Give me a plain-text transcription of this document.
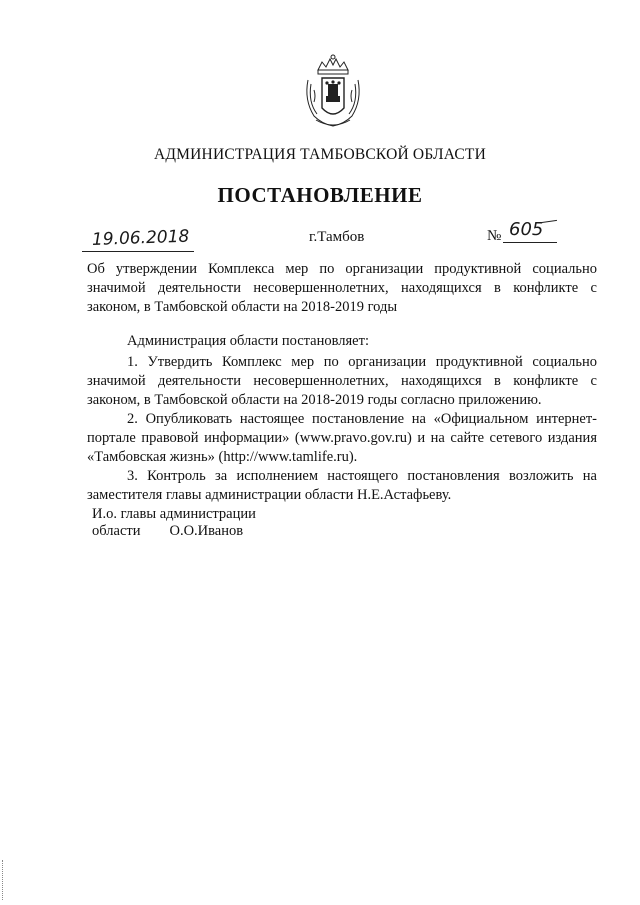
АДМИНИСТРАЦИЯ ТАМБОВСКОЙ ОБЛАСТИ
ПОСТАНОВЛЕНИЕ
19.06.2018	г.Тамбов	№ 605
Об утверждении Комплекса мер по организации продуктивной социально значимой деятельности несовершеннолетних, находящихся в конфликте с законом, в Тамбовской области на 2018-2019 годы

Администрация области постановляет:

1. Утвердить Комплекс мер по организации продуктивной социально значимой деятельности несовершеннолетних, находящихся в конфликте с законом, в Тамбовской области на 2018-2019 годы согласно приложению.

2. Опубликовать настоящее постановление на «Официальном интернет-портале правовой информации» (www.pravo.gov.ru) и на сайте сетевого издания «Тамбовская жизнь» (http://www.tamlife.ru).

3. Контроль за исполнением настоящего постановления возложить на заместителя главы администрации области Н.Е.Астафьеву.

И.о. главы администрации
области О.О.Иванов
